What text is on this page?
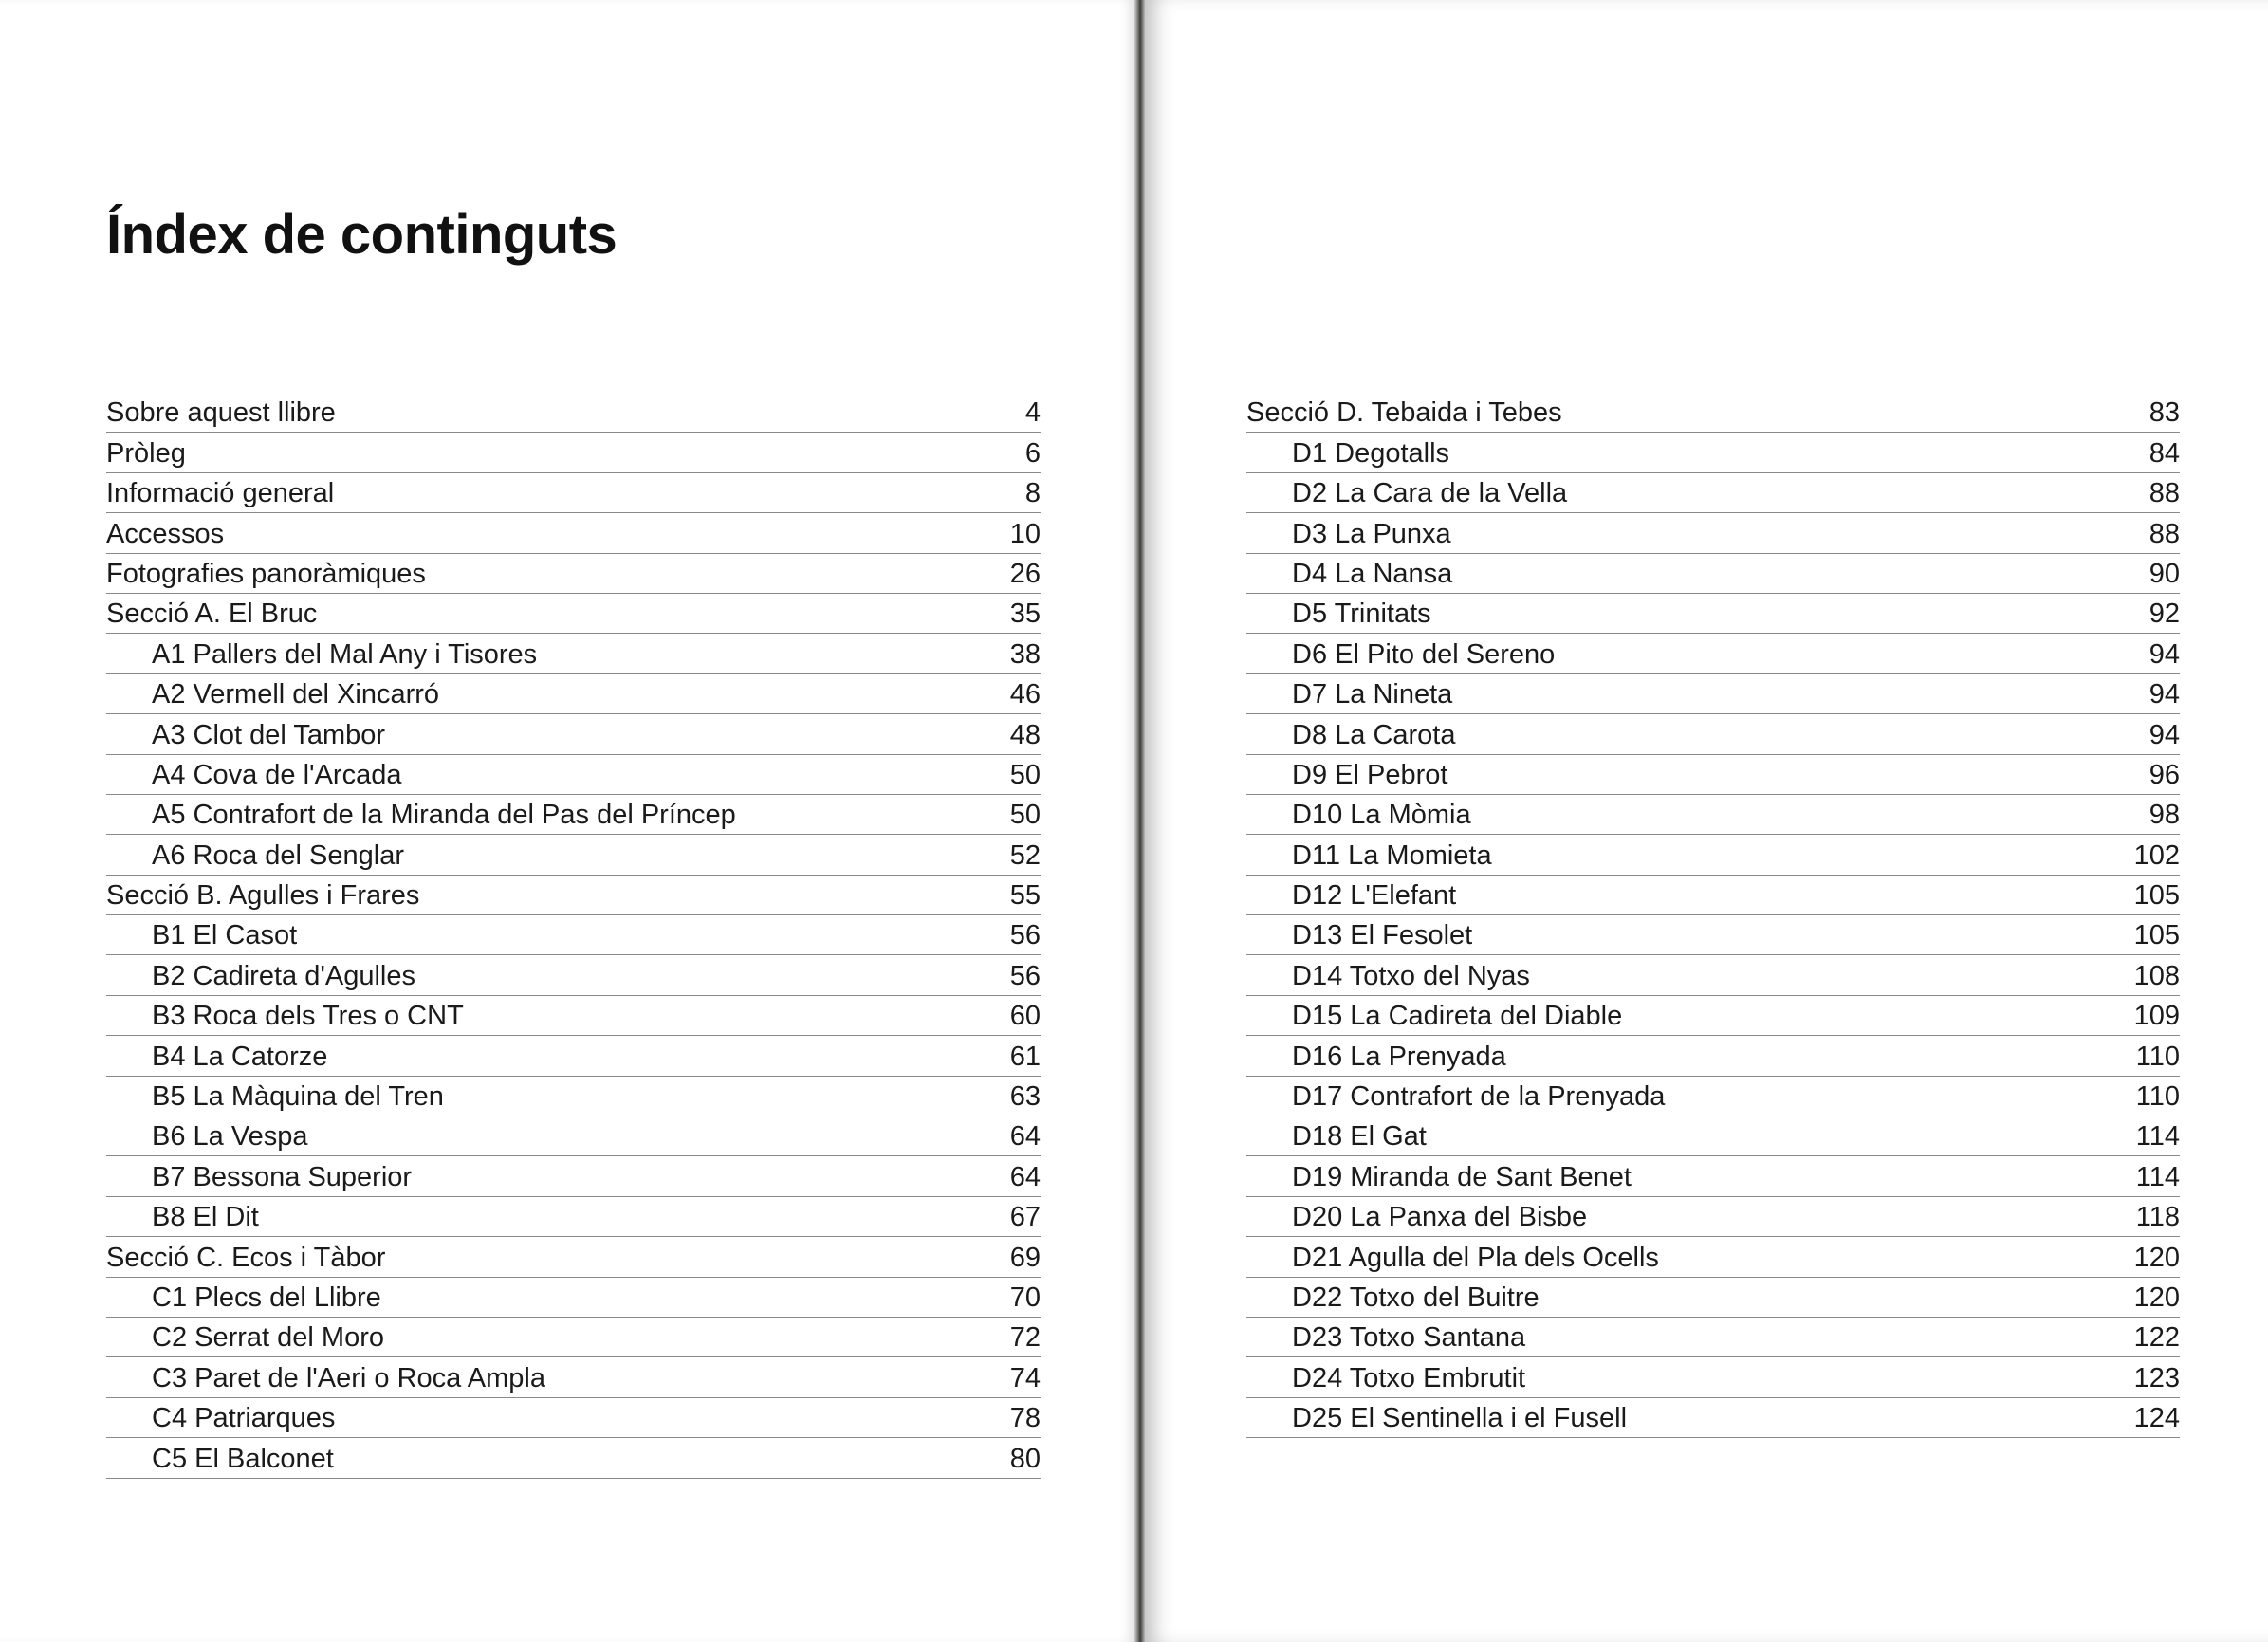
Índex de continguts
Sobre aquest llibre	4
Pròleg	6
Informació general	8
Accessos	10
Fotografies panoràmiques	26
Secció A. El Bruc	35
A1 Pallers del Mal Any i Tisores	38
A2 Vermell del Xincarró	46
A3 Clot del Tambor	48
A4 Cova de l'Arcada	50
A5 Contrafort de la Miranda del Pas del Príncep	50
A6 Roca del Senglar	52
Secció B. Agulles i Frares	55
B1 El Casot	56
B2 Cadireta d'Agulles	56
B3 Roca dels Tres o CNT	60
B4 La Catorze	61
B5 La Màquina del Tren	63
B6 La Vespa	64
B7 Bessona Superior	64
B8 El Dit	67
Secció C. Ecos i Tàbor	69
C1 Plecs del Llibre	70
C2 Serrat del Moro	72
C3 Paret de l'Aeri o Roca Ampla	74
C4 Patriarques	78
C5 El Balconet	80
Secció D. Tebaida i Tebes	83
D1 Degotalls	84
D2 La Cara de la Vella	88
D3 La Punxa	88
D4 La Nansa	90
D5 Trinitats	92
D6 El Pito del Sereno	94
D7 La Nineta	94
D8 La Carota	94
D9 El Pebrot	96
D10 La Mòmia	98
D11 La Momieta	102
D12 L'Elefant	105
D13 El Fesolet	105
D14 Totxo del Nyas	108
D15 La Cadireta del Diable	109
D16 La Prenyada	110
D17 Contrafort de la Prenyada	110
D18 El Gat	114
D19 Miranda de Sant Benet	114
D20 La Panxa del Bisbe	118
D21 Agulla del Pla dels Ocells	120
D22 Totxo del Buitre	120
D23 Totxo Santana	122
D24 Totxo Embrutit	123
D25 El Sentinella i el Fusell	124
